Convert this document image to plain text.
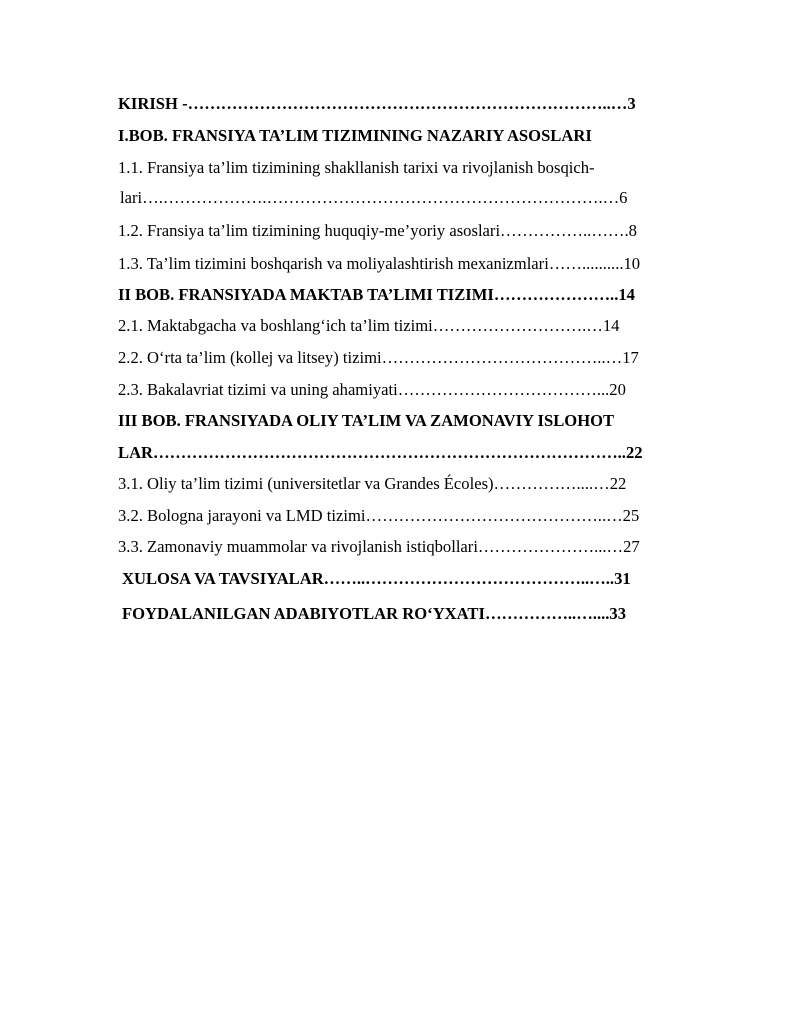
KIRISH -…………………………………………………………………..…3
I.BOB. FRANSIYA TA’LIM TIZIMINING NAZARIY ASOSLARI
1.1. Fransiya ta’lim tizimining shakllanish tarixi va rivojlanish bosqich-
lari….……………….…………………………………………………….…6
1.2. Fransiya ta’lim tizimining huquqiy-me’yoriy asoslari……………..…….8
1.3. Ta’lim tizimini boshqarish va moliyalashtirish mexanizmlari……..........10
II BOB. FRANSIYADA MAKTAB TA’LIMI TIZIMI…………………..14
2.1. Maktabgacha va boshlang‘ich ta’lim tizimi……………………….…14
2.2. O‘rta ta’lim (kollej va litsey) tizimi…………………………………..…17
2.3. Bakalavriat tizimi va uning ahamiyati………………………………...20
III BOB. FRANSIYADA OLIY TA’LIM VA ZAMONAVIY ISLOHOT
LAR…………………………………………………………………………..22
3.1. Oliy ta’lim tizimi (universitetlar va Grandes Écoles)……………....…22
3.2. Bologna jarayoni va LMD tizimi……………………………………..…25
3.3. Zamonaviy muammolar va rivojlanish istiqbollari…………………...…27
XULOSA VA TAVSIYALAR……..…………………………………..…..31
FOYDALANILGAN ADABIYOTLAR RO‘YXATI……………..…....33
